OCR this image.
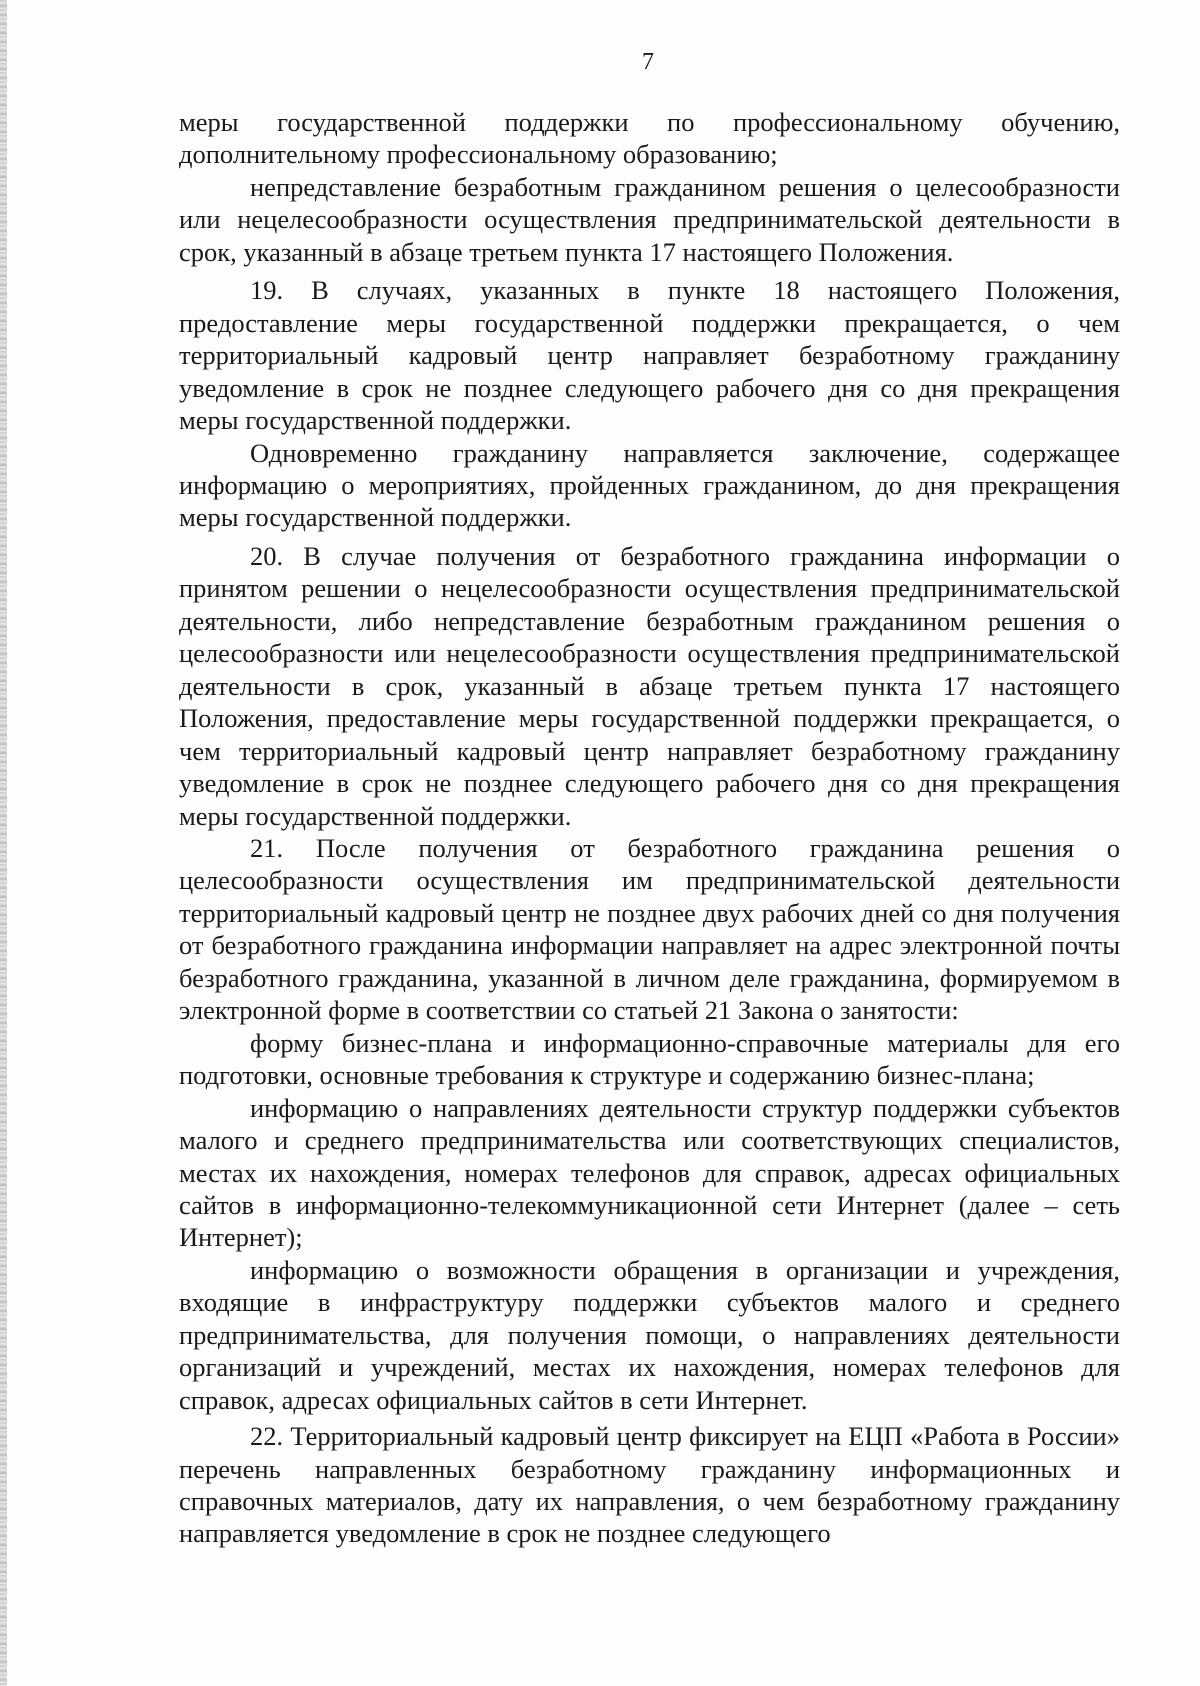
7

меры государственной поддержки по профессиональному обучению, дополнительному профессиональному образованию;

непредставление безработным гражданином решения о целесообразности или нецелесообразности осуществления предпринимательской деятельности в срок, указанный в абзаце третьем пункта 17 настоящего Положения.

19. В случаях, указанных в пункте 18 настоящего Положения, предоставление меры государственной поддержки прекращается, о чем территориальный кадровый центр направляет безработному гражданину уведомление в срок не позднее следующего рабочего дня со дня прекращения меры государственной поддержки.

Одновременно гражданину направляется заключение, содержащее информацию о мероприятиях, пройденных гражданином, до дня прекращения меры государственной поддержки.

20. В случае получения от безработного гражданина информации о принятом решении о нецелесообразности осуществления предпринимательской деятельности, либо непредставление безработным гражданином решения о целесообразности или нецелесообразности осуществления предпринимательской деятельности в срок, указанный в абзаце третьем пункта 17 настоящего Положения, предоставление меры государственной поддержки прекращается, о чем территориальный кадровый центр направляет безработному гражданину уведомление в срок не позднее следующего рабочего дня со дня прекращения меры государственной поддержки.

21. После получения от безработного гражданина решения о целесообразности осуществления им предпринимательской деятельности территориальный кадровый центр не позднее двух рабочих дней со дня получения от безработного гражданина информации направляет на адрес электронной почты безработного гражданина, указанной в личном деле гражданина, формируемом в электронной форме в соответствии со статьей 21 Закона о занятости:

форму бизнес-плана и информационно-справочные материалы для его подготовки, основные требования к структуре и содержанию бизнес-плана;

информацию о направлениях деятельности структур поддержки субъектов малого и среднего предпринимательства или соответствующих специалистов, местах их нахождения, номерах телефонов для справок, адресах официальных сайтов в информационно-телекоммуникационной сети Интернет (далее – сеть Интернет);

информацию о возможности обращения в организации и учреждения, входящие в инфраструктуру поддержки субъектов малого и среднего предпринимательства, для получения помощи, о направлениях деятельности организаций и учреждений, местах их нахождения, номерах телефонов для справок, адресах официальных сайтов в сети Интернет.

22. Территориальный кадровый центр фиксирует на ЕЦП «Работа в России» перечень направленных безработному гражданину информационных и справочных материалов, дату их направления, о чем безработному гражданину направляется уведомление в срок не позднее следующего
